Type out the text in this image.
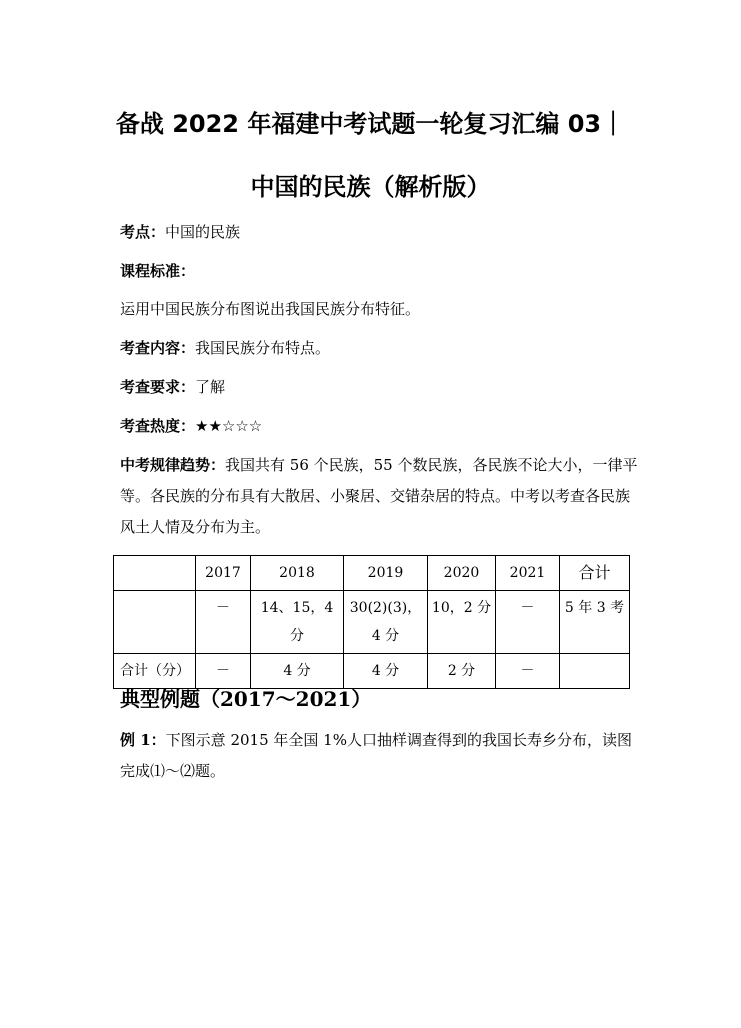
备战 2022 年福建中考试题一轮复习汇编 03｜
中国的民族（解析版）
考点：中国的民族
课程标准：
运用中国民族分布图说出我国民族分布特征。
考查内容：我国民族分布特点。
考查要求：了解
考查热度：★★☆☆☆
中考规律趋势：我国共有 56 个民族，55 个数民族，各民族不论大小，一律平等。各民族的分布具有大散居、小聚居、交错杂居的特点。中考以考查各民族风土人情及分布为主。
	2017	2018	2019	2020	2021	合计
	－	14、15，4 分	30(2)(3)，4 分	10，2 分	－	5 年 3 考
合计（分）	－	4 分	4 分	2 分	－	
典型例题（2017～2021）
例 1：下图示意 2015 年全国 1%人口抽样调查得到的我国长寿乡分布，读图完成⑴～⑵题。
